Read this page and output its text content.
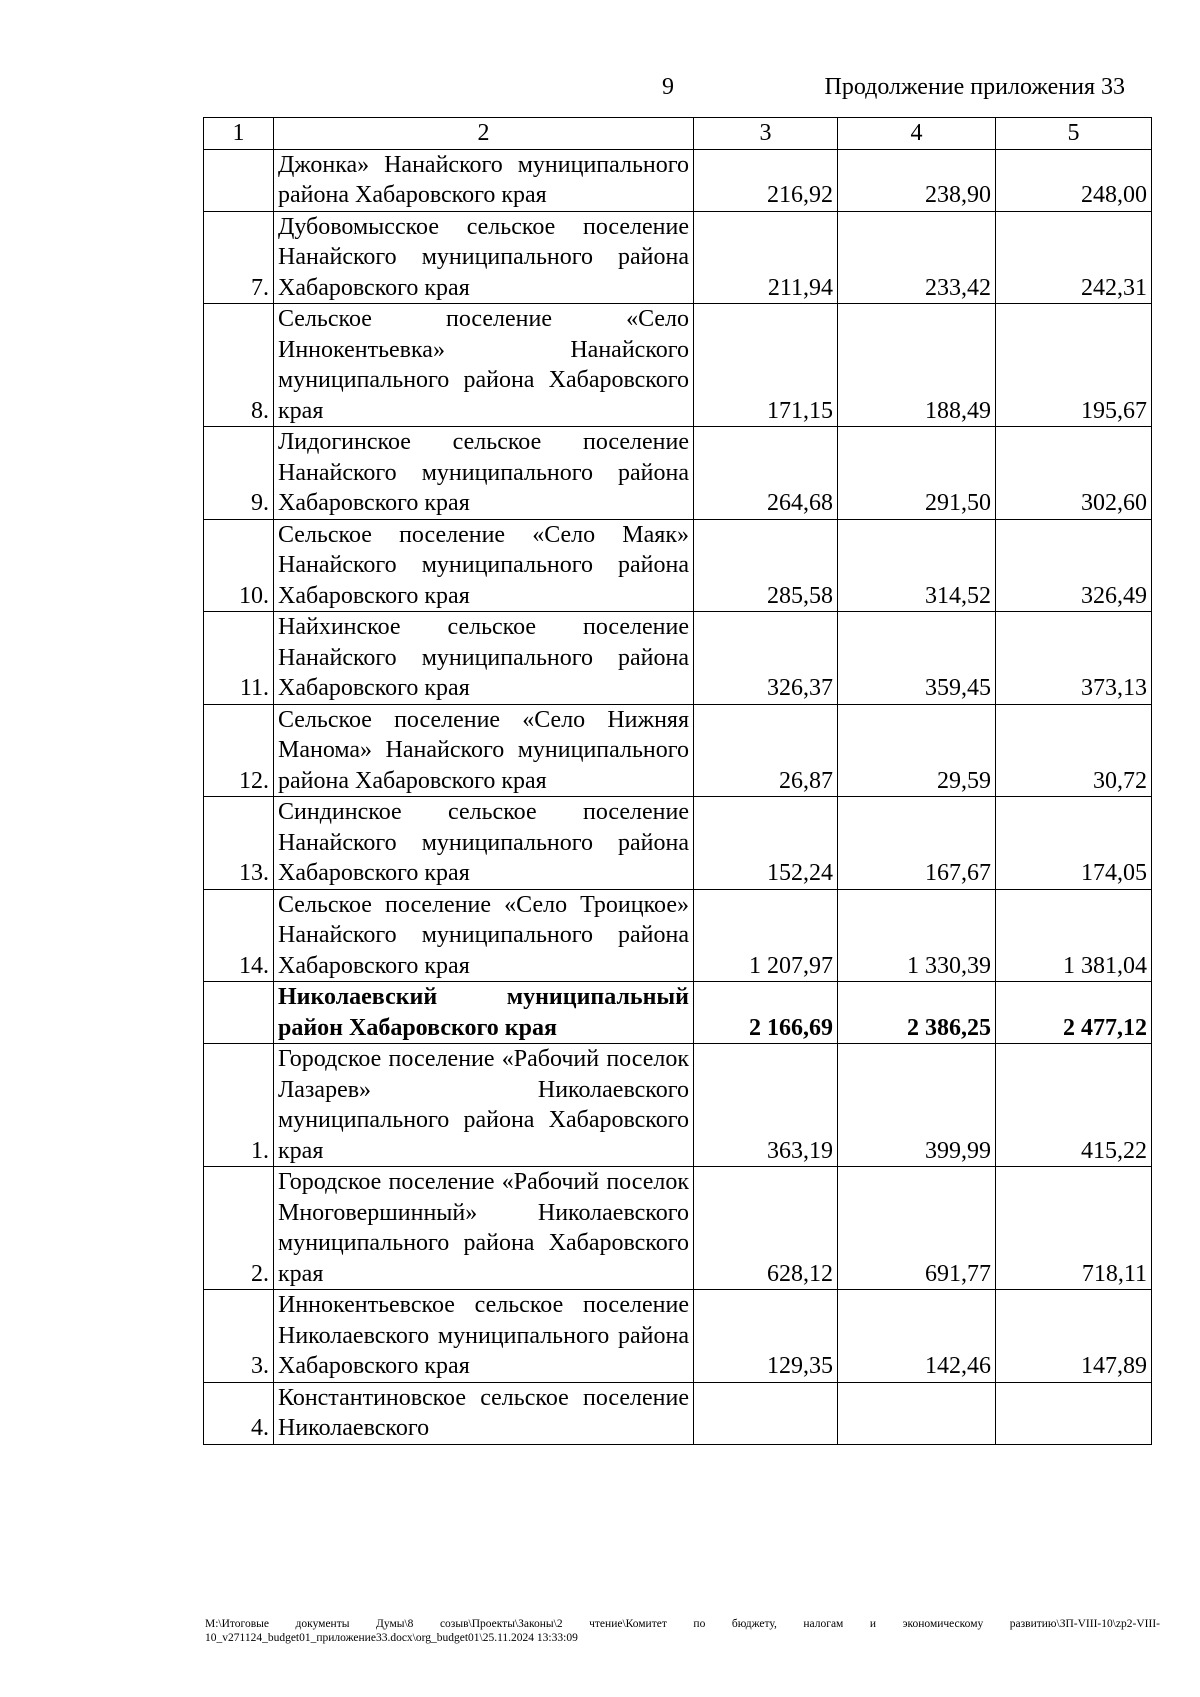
9	Продолжение приложения 33
1	2	3	4	5
	Джонка» Нанайского муниципального района Хабаровского края	216,92	238,90	248,00
7.	Дубовомысское сельское поселение Нанайского муниципального района Хабаровского края	211,94	233,42	242,31
8.	Сельское поселение «Село Иннокентьевка» Нанайского муниципального района Хабаровского края	171,15	188,49	195,67
9.	Лидогинское сельское поселение Нанайского муниципального района Хабаровского края	264,68	291,50	302,60
10.	Сельское поселение «Село Маяк» Нанайского муниципального района Хабаровского края	285,58	314,52	326,49
11.	Найхинское сельское поселение Нанайского муниципального района Хабаровского края	326,37	359,45	373,13
12.	Сельское поселение «Село Нижняя Манома» Нанайского муниципального района Хабаровского края	26,87	29,59	30,72
13.	Синдинское сельское поселение Нанайского муниципального района Хабаровского края	152,24	167,67	174,05
14.	Сельское поселение «Село Троицкое» Нанайского муниципального района Хабаровского края	1 207,97	1 330,39	1 381,04
	Николаевский муниципальный район Хабаровского края	2 166,69	2 386,25	2 477,12
1.	Городское поселение «Рабочий поселок Лазарев» Николаевского муниципального района Хабаровского края	363,19	399,99	415,22
2.	Городское поселение «Рабочий поселок Многовершинный» Николаевского муниципального района Хабаровского края	628,12	691,77	718,11
3.	Иннокентьевское сельское поселение Николаевского муниципального района Хабаровского края	129,35	142,46	147,89
4.	Константиновское сельское поселение Николаевского			
M:\Итоговые документы Думы\8 созыв\Проекты\Законы\2 чтение\Комитет по бюджету, налогам и экономическому развитию\ЗП-VIII-10\zp2-VIII-10_v271124_budget01_приложение33.docx\org_budget01\25.11.2024 13:33:09
